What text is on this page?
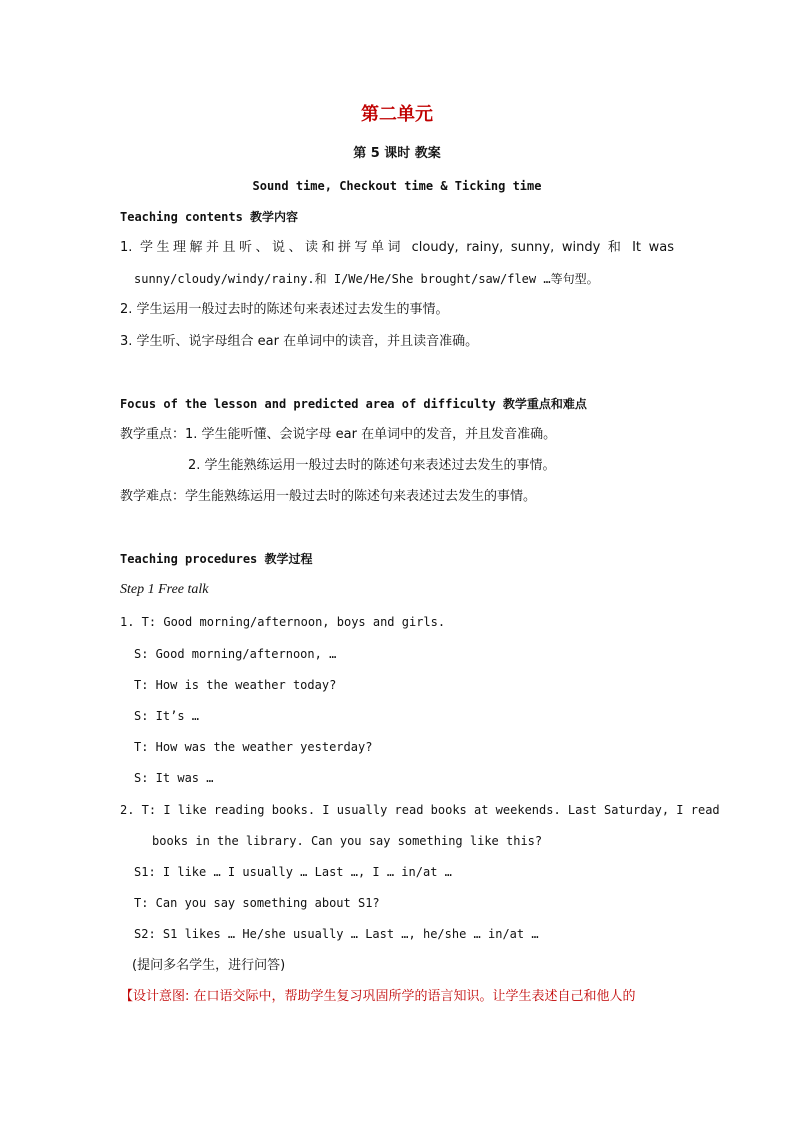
第二单元
第 5 课时 教案
Sound time, Checkout time & Ticking time
Teaching contents 教学内容
1. 学生理解并且听、说、读和拼写单词 cloudy, rainy, sunny, windy 和 It was
sunny/cloudy/windy/rainy.和 I/We/He/She brought/saw/flew …等句型。
2. 学生运用一般过去时的陈述句来表述过去发生的事情。
3. 学生听、说字母组合 ear 在单词中的读音，并且读音准确。
Focus of the lesson and predicted area of difficulty 教学重点和难点
教学重点：1. 学生能听懂、会说字母 ear 在单词中的发音，并且发音准确。
2. 学生能熟练运用一般过去时的陈述句来表述过去发生的事情。
教学难点：学生能熟练运用一般过去时的陈述句来表述过去发生的事情。
Teaching procedures 教学过程
Step 1 Free talk
1. T: Good morning/afternoon, boys and girls.
S: Good morning/afternoon, …
T: How is the weather today?
S: It’s …
T: How was the weather yesterday?
S: It was …
2. T: I like reading books. I usually read books at weekends. Last Saturday, I read
books in the library. Can you say something like this?
S1: I like … I usually … Last …, I … in/at …
T: Can you say something about S1?
S2: S1 likes … He/she usually … Last …, he/she … in/at …
(提问多名学生，进行问答)
【设计意图: 在口语交际中，帮助学生复习巩固所学的语言知识。让学生表述自己和他人的
